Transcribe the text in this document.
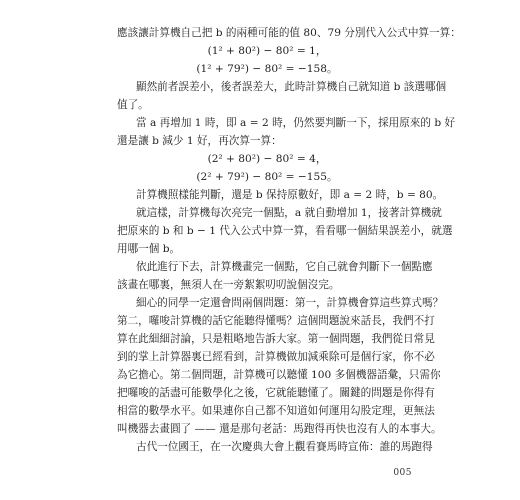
應該讓計算機自己把 b 的兩種可能的值 80、79 分別代入公式中算一算：
(1² + 80²) − 80² = 1，
(1² + 79²) − 80² = −158。
顯然前者誤差小，後者誤差大，此時計算機自己就知道 b 該選哪個
值了。
當 a 再增加 1 時，即 a = 2 時，仍然要判斷一下，採用原來的 b 好
還是讓 b 減少 1 好，再次算一算：
(2² + 80²) − 80² = 4，
(2² + 79²) − 80² = −155。
計算機照樣能判斷，還是 b 保持原數好，即 a = 2 時，b = 80。
就這樣，計算機每次亮完一個點，a 就自動增加 1，接著計算機就
把原來的 b 和 b − 1 代入公式中算一算，看看哪一個結果誤差小，就選
用哪一個 b。
依此進行下去，計算機畫完一個點，它自己就會判斷下一個點應
該畫在哪裏，無須人在一旁絮絮叨叨說個沒完。
細心的同學一定還會問兩個問題：第一，計算機會算這些算式嗎？
第二，囉唆計算機的話它能聽得懂嗎？這個問題說來話長，我們不打
算在此細細討論，只是粗略地告訴大家。第一個問題，我們從日常見
到的掌上計算器裏已經看到，計算機做加減乘除可是個行家，你不必
為它擔心。第二個問題，計算機可以聽懂 100 多個機器語彙，只需你
把囉唆的話盡可能數學化之後，它就能聽懂了。關鍵的問題是你得有
相當的數學水平。如果連你自己都不知道如何運用勾股定理，更無法
叫機器去畫圓了 —— 還是那句老話：馬跑得再快也沒有人的本事大。
古代一位國王，在一次慶典大會上觀看賽馬時宣佈：誰的馬跑得
005
